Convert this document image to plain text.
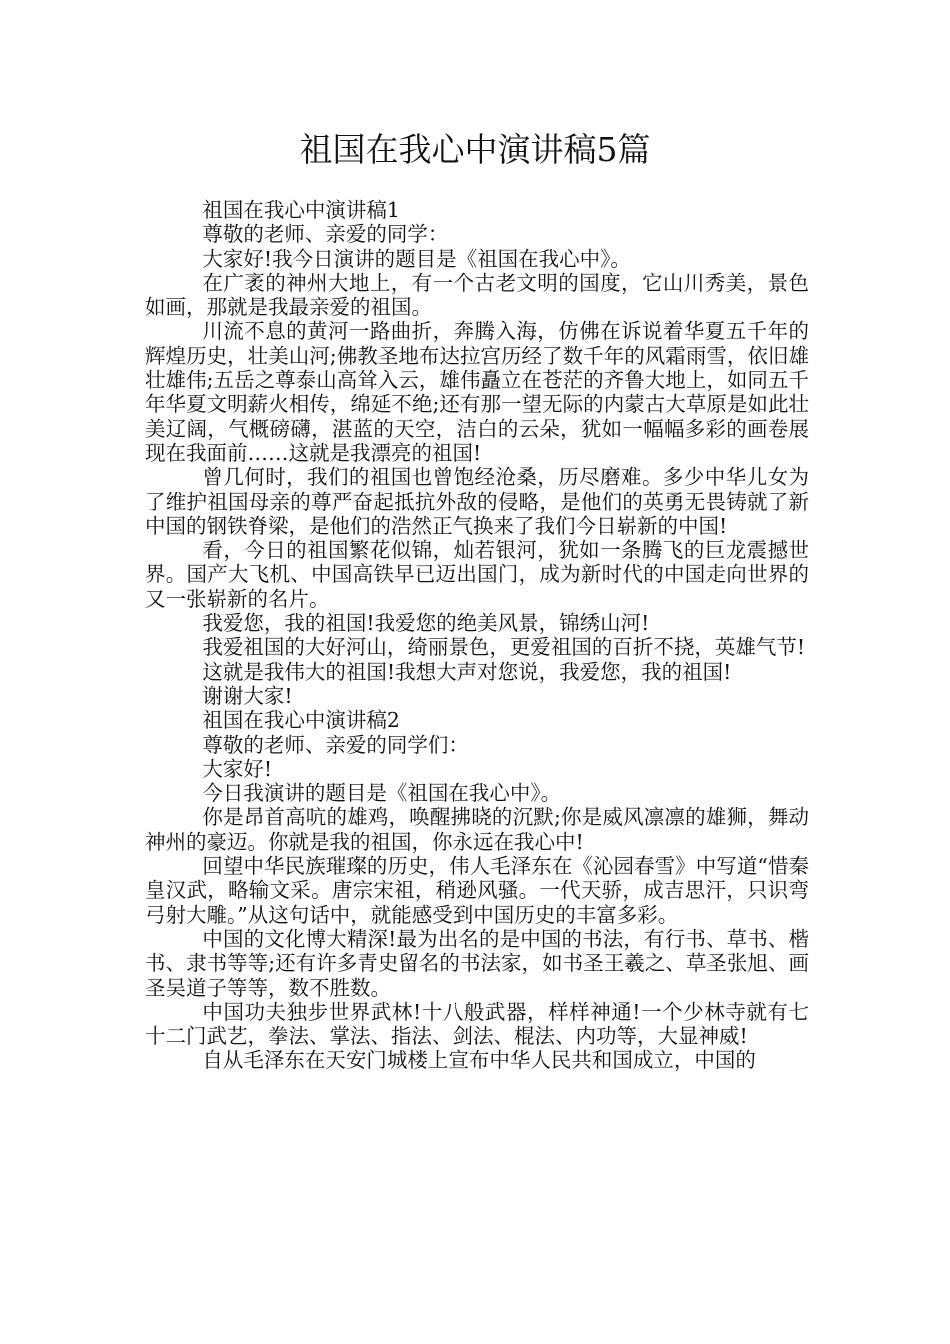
祖国在我心中演讲稿5篇

祖国在我心中演讲稿1

尊敬的老师、亲爱的同学：

大家好!我今日演讲的题目是《祖国在我心中》。

在广袤的神州大地上，有一个古老文明的国度，它山川秀美，景色如画，那就是我最亲爱的祖国。

川流不息的黄河一路曲折，奔腾入海，仿佛在诉说着华夏五千年的辉煌历史，壮美山河;佛教圣地布达拉宫历经了数千年的风霜雨雪，依旧雄壮雄伟;五岳之尊泰山高耸入云，雄伟矗立在苍茫的齐鲁大地上，如同五千年华夏文明薪火相传，绵延不绝;还有那一望无际的内蒙古大草原是如此壮美辽阔，气概磅礴，湛蓝的天空，洁白的云朵，犹如一幅幅多彩的画卷展现在我面前……这就是我漂亮的祖国!

曾几何时，我们的祖国也曾饱经沧桑，历尽磨难。多少中华儿女为了维护祖国母亲的尊严奋起抵抗外敌的侵略，是他们的英勇无畏铸就了新中国的钢铁脊梁，是他们的浩然正气换来了我们今日崭新的中国!

看，今日的祖国繁花似锦，灿若银河，犹如一条腾飞的巨龙震撼世界。国产大飞机、中国高铁早已迈出国门，成为新时代的中国走向世界的又一张崭新的名片。

我爱您，我的祖国!我爱您的绝美风景，锦绣山河!

我爱祖国的大好河山，绮丽景色，更爱祖国的百折不挠，英雄气节!

这就是我伟大的祖国!我想大声对您说，我爱您，我的祖国!

谢谢大家!

祖国在我心中演讲稿2

尊敬的老师、亲爱的同学们：

大家好!

今日我演讲的题目是《祖国在我心中》。

你是昂首高吭的雄鸡，唤醒拂晓的沉默;你是威风凛凛的雄狮，舞动神州的豪迈。你就是我的祖国，你永远在我心中!

回望中华民族璀璨的历史，伟人毛泽东在《沁园春雪》中写道“惜秦皇汉武，略输文采。唐宗宋祖，稍逊风骚。一代天骄，成吉思汗，只识弯弓射大雕。”从这句话中，就能感受到中国历史的丰富多彩。

中国的文化博大精深!最为出名的是中国的书法，有行书、草书、楷书、隶书等等;还有许多青史留名的书法家，如书圣王羲之、草圣张旭、画圣吴道子等等，数不胜数。

中国功夫独步世界武林!十八般武器，样样神通!一个少林寺就有七十二门武艺，拳法、掌法、指法、剑法、棍法、内功等，大显神威!

自从毛泽东在天安门城楼上宣布中华人民共和国成立，中国的
